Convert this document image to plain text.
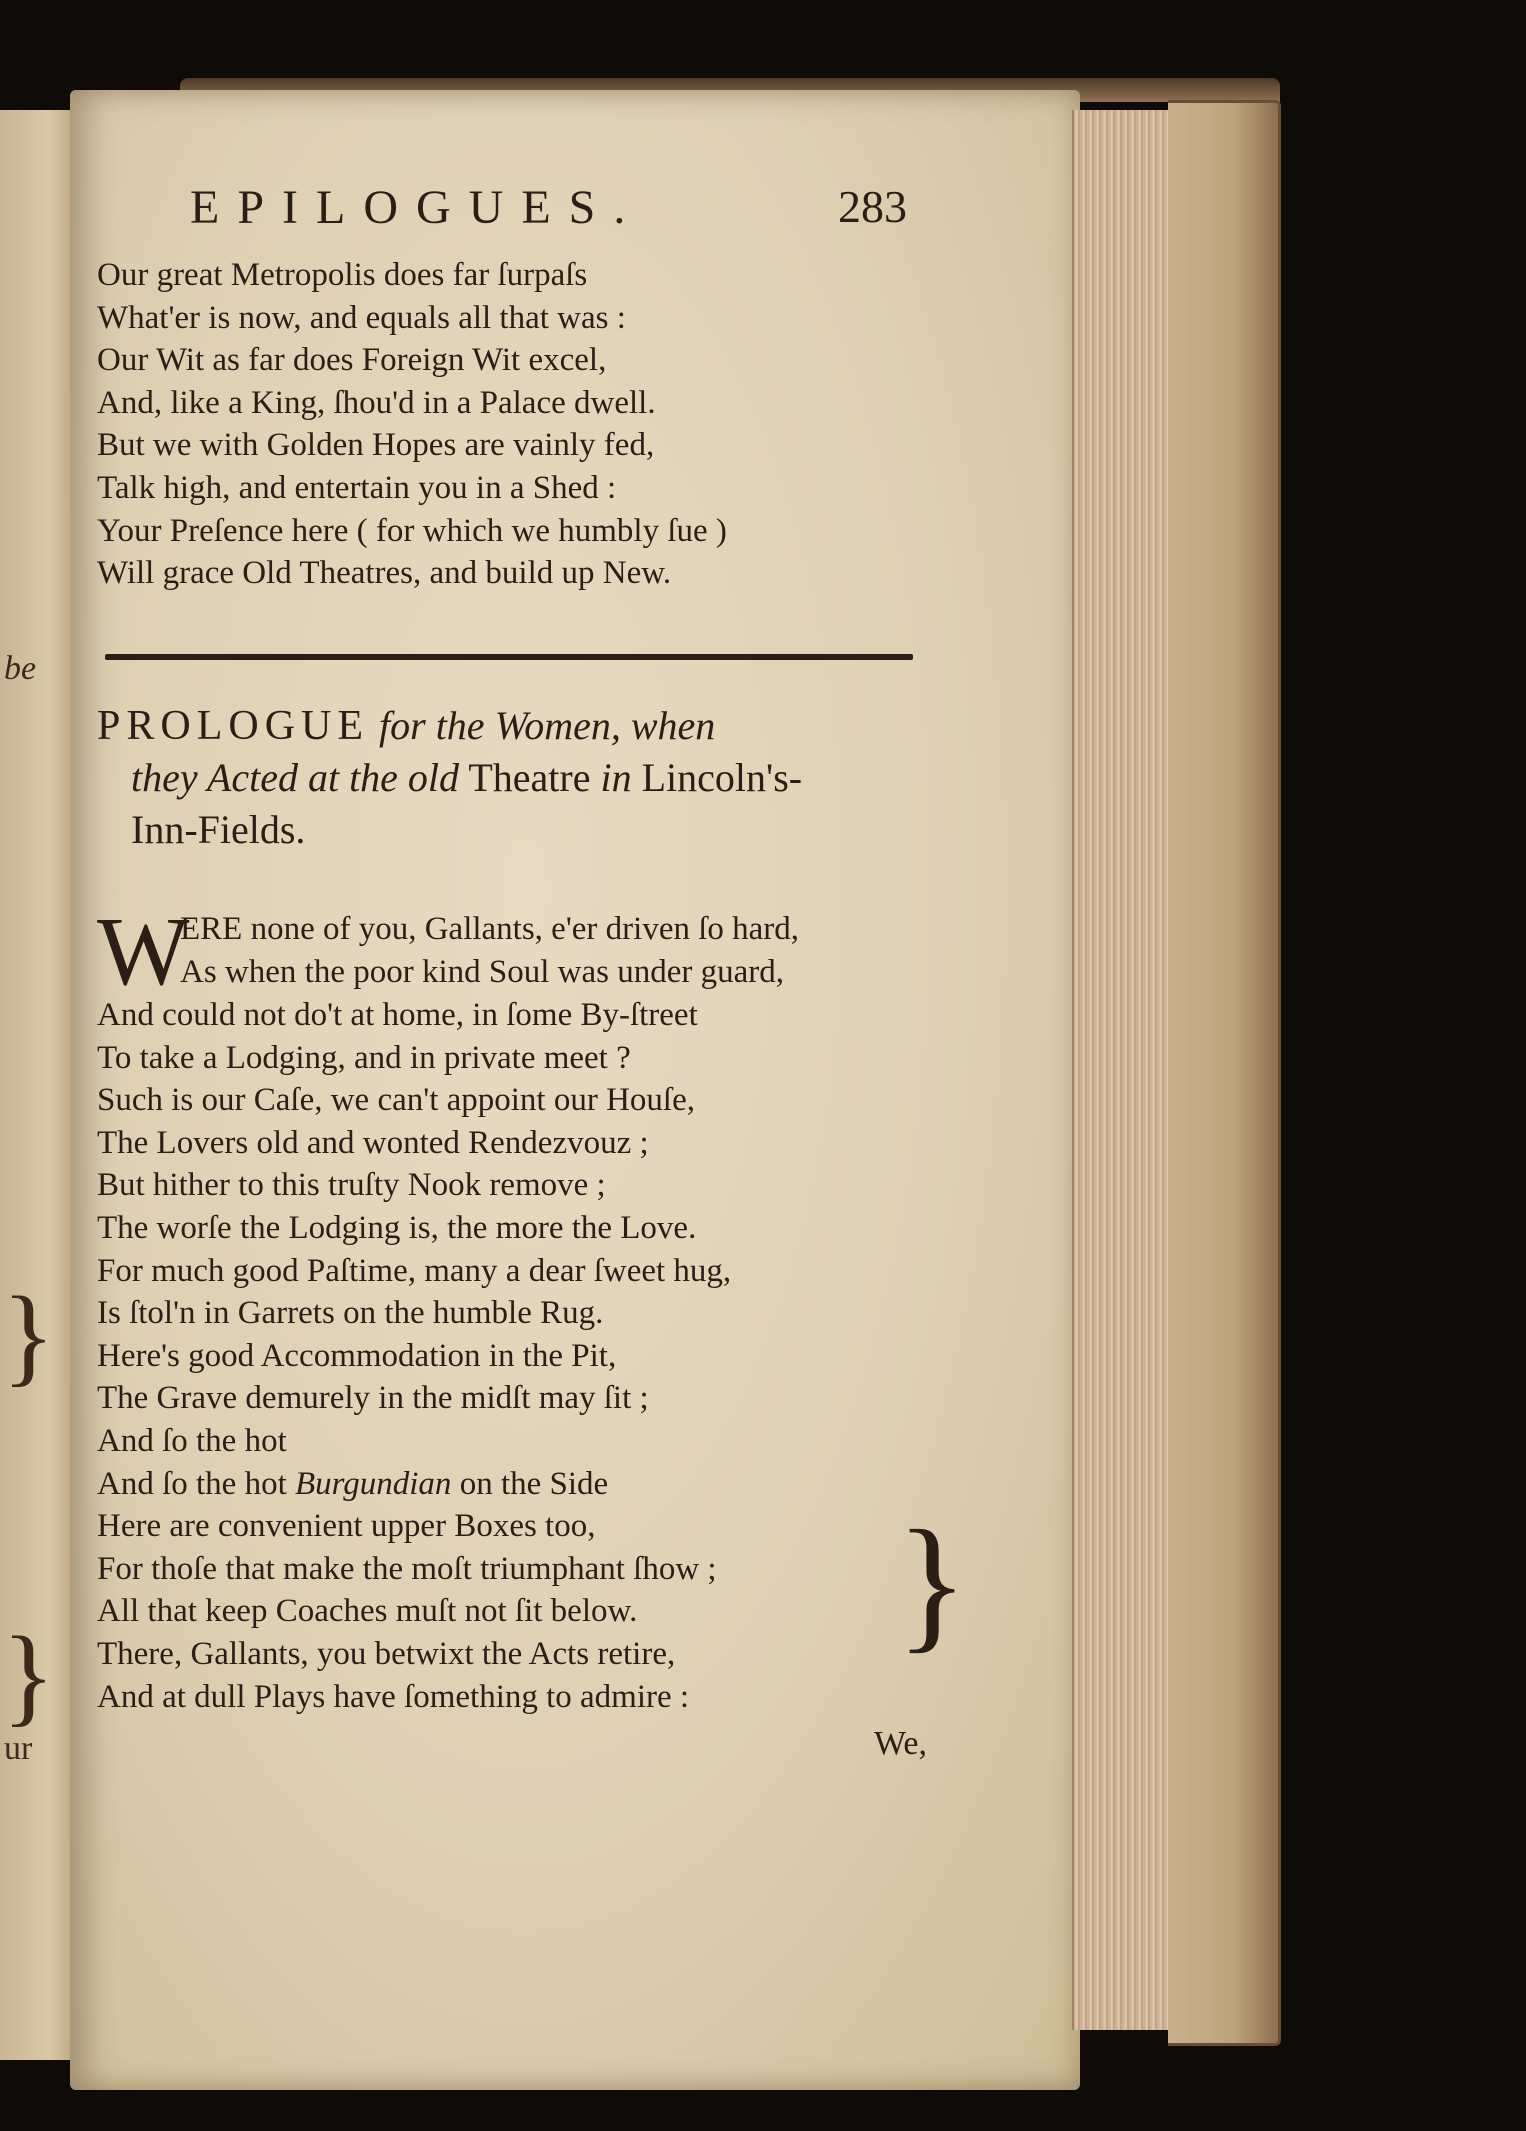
be
}
}
ur
EPILOGUES.	283
Our great Metropolis does far ſurpaſs
What'er is now, and equals all that was :
Our Wit as far does Foreign Wit excel,
And, like a King, ſhou'd in a Palace dwell.
But we with Golden Hopes are vainly fed,
Talk high, and entertain you in a Shed :
Your Preſence here ( for which we humbly ſue )
Will grace Old Theatres, and build up New.
PROLOGUE for the Women, when
they Acted at the old Theatre in Lincoln's-
Inn-Fields.
W
ERE none of you, Gallants, e'er driven ſo hard,
As when the poor kind Soul was under guard,
And could not do't at home, in ſome By-ſtreet
To take a Lodging, and in private meet ?
Such is our Caſe, we can't appoint our Houſe,
The Lovers old and wonted Rendezvouz ;
But hither to this truſty Nook remove ;
The worſe the Lodging is, the more the Love.
For much good Paſtime, many a dear ſweet hug,
Is ſtol'n in Garrets on the humble Rug.
Here's good Accommodation in the Pit,
The Grave demurely in the midſt may ſit ;
And ſo the hot
And ſo the hot Burgundian on the Side
Here are convenient upper Boxes too,
For thoſe that make the moſt triumphant ſhow ;
All that keep Coaches muſt not ſit below.
There, Gallants, you betwixt the Acts retire,
And at dull Plays have ſomething to admire :
}
We,
